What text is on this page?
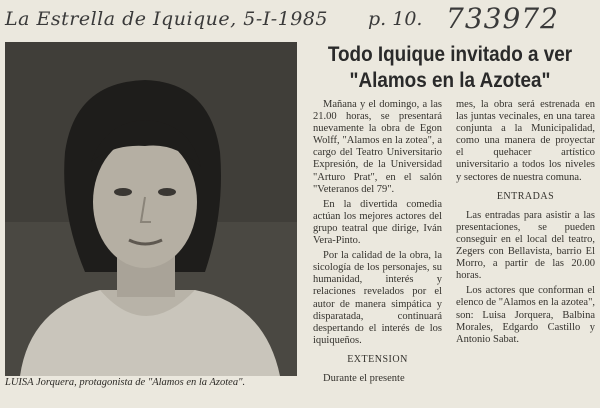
La Estrella de Iquique, 5-I-1985 p. 10. 733972
LUISA Jorquera, protagonista de "Alamos en la Azotea".
Todo Iquique invitado a ver "Alamos en la Azotea"

Mañana y el domingo, a las 21.00 horas, se presentará nuevamente la obra de Egon Wolff, "Alamos en la zotea", a cargo del Teatro Universitario Expresión, de la Universidad "Arturo Prat", en el salón "Veteranos del 79".

En la divertida comedia actúan los mejores actores del grupo teatral que dirige, Iván Vera-Pinto.

Por la calidad de la obra, la sicología de los personajes, su humanidad, interés y relaciones revelados por el autor de manera simpática y disparatada, continuará despertando el interés de los iquiqueños.

EXTENSION

Durante el presente

mes, la obra será estrenada en las juntas vecinales, en una tarea conjunta a la Municipalidad, como una manera de proyectar el quehacer artístico universitario a todos los niveles y sectores de nuestra comuna.

ENTRADAS

Las entradas para asistir a las presentaciones, se pueden conseguir en el local del teatro, Zegers con Bellavista, barrio El Morro, a partir de las 20.00 horas.

Los actores que conforman el elenco de "Alamos en la azotea", son: Luisa Jorquera, Balbina Morales, Edgardo Castillo y Antonio Sabat.
